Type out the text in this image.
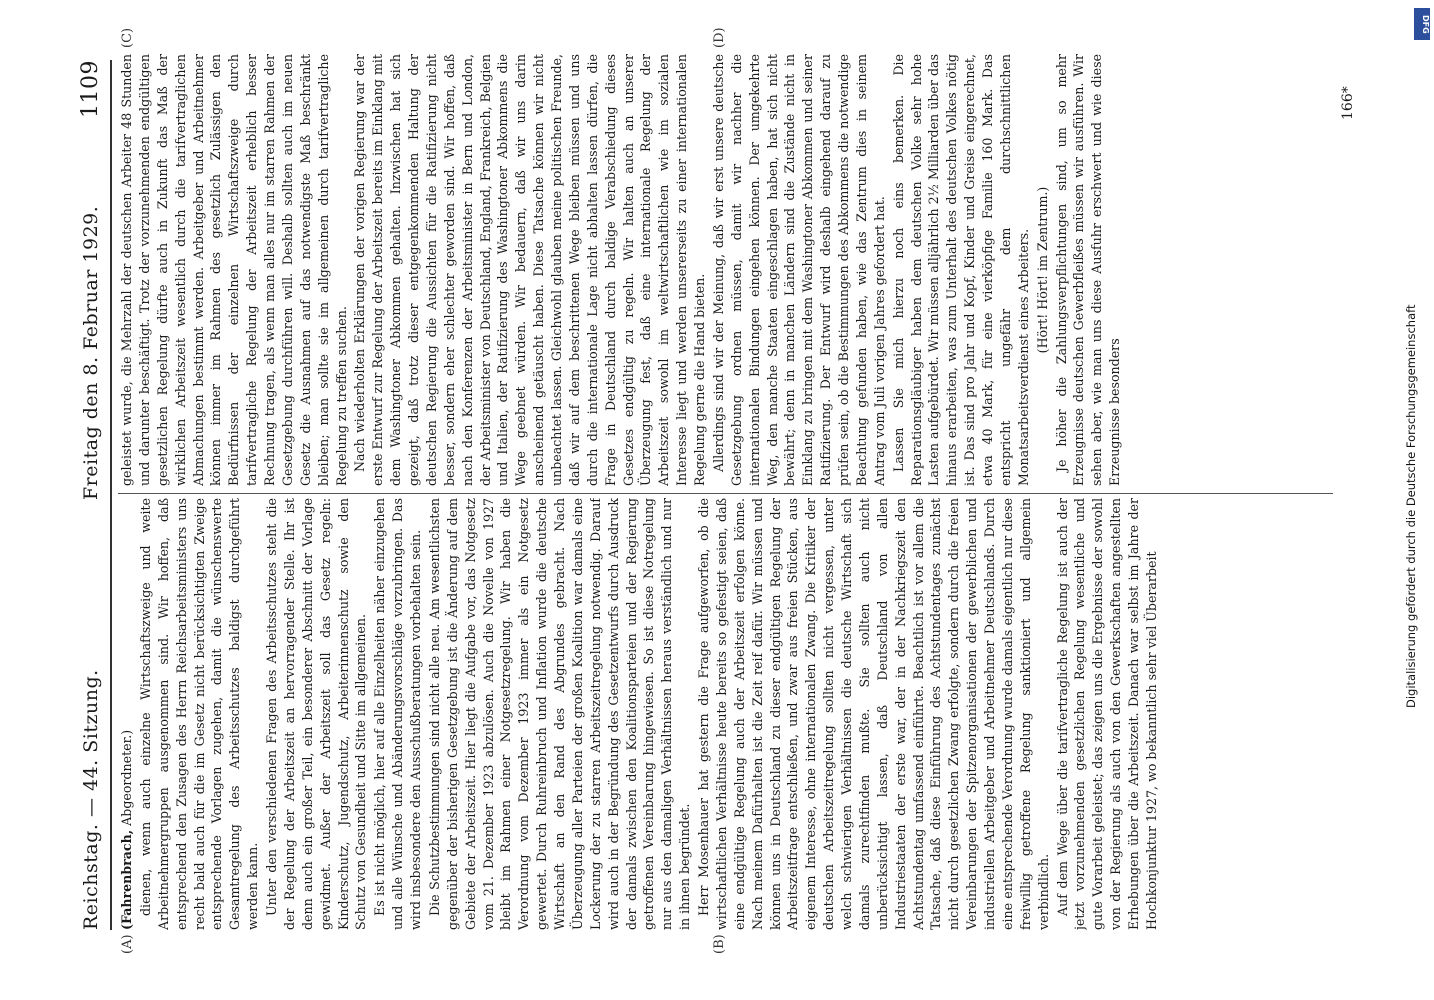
Reichstag. — 44. Sitzung.
Freitag den 8. Februar 1929.
1109
(A)	(B)
(C)	(D)

(Fahrenbrach, Abgeordneter.) dienen, wenn auch einzelne Wirtschaftszweige und weite Arbeitnehmergruppen ausgenommen sind. Wir hoffen, daß entsprechend den Zusagen des Herrn Reichsarbeitsministers uns recht bald auch für die im Gesetz nicht berücksichtigten Zweige entsprechende Vorlagen zugehen, damit die wünschenswerte Gesamtregelung des Arbeitsschutzes baldigst durchgeführt werden kann. Unter den verschiedenen Fragen des Arbeitsschutzes steht die der Regelung der Arbeitszeit an hervorragender Stelle. Ihr ist denn auch ein großer Teil, ein besonderer Abschnitt der Vorlage gewidmet. Außer der Arbeitszeit soll das Gesetz regeln: Kinderschutz, Jugendschutz, Arbeiterinnenschutz sowie den Schutz von Gesundheit und Sitte im allgemeinen. Es ist nicht möglich, hier auf alle Einzelheiten näher einzugehen und alle Wünsche und Abänderungsvorschläge vorzubringen. Das wird insbesondere den Ausschußberatungen vorbehalten sein. Die Schutzbestimmungen sind nicht alle neu. Am wesentlichsten gegenüber der bisherigen Gesetzgebung ist die Änderung auf dem Gebiete der Arbeitszeit. Hier liegt die Aufgabe vor, das Notgesetz vom 21. Dezember 1923 abzulösen. Auch die Novelle von 1927 bleibt im Rahmen einer Notgesetzregelung. Wir haben die Verordnung vom Dezember 1923 immer als ein Notgesetz gewertet. Durch Ruhreinbruch und Inflation wurde die deutsche Wirtschaft an den Rand des Abgrundes gebracht. Nach Überzeugung aller Parteien der großen Koalition war damals eine Lockerung der zu starren Arbeitszeitregelung notwendig. Darauf wird auch in der Begründung des Gesetzentwurfs durch Ausdruck der damals zwischen den Koalitionsparteien und der Regierung getroffenen Vereinbarung hingewiesen. So ist diese Notregelung nur aus den damaligen Verhältnissen heraus verständlich und nur in ihnen begründet. Herr Mosenhauer hat gestern die Frage aufgeworfen, ob die wirtschaftlichen Verhältnisse heute bereits so gefestigt seien, daß eine endgültige Regelung auch der Arbeitszeit erfolgen könne. Nach meinem Dafürhalten ist die Zeit reif dafür. Wir müssen und können uns in Deutschland zu dieser endgültigen Regelung der Arbeitszeitfrage entschließen, und zwar aus freien Stücken, aus eigenem Interesse, ohne internationalen Zwang. Die Kritiker der deutschen Arbeitszeitregelung sollten nicht vergessen, unter welch schwierigen Verhältnissen die deutsche Wirtschaft sich damals zurechtfinden mußte. Sie sollten auch nicht unberücksichtigt lassen, daß Deutschland von allen Industriestaaten der erste war, der in der Nachkriegszeit den Achtstundentag umfassend einführte. Beachtlich ist vor allem die Tatsache, daß diese Einführung des Achtstundentages zunächst nicht durch gesetzlichen Zwang erfolgte, sondern durch die freien Vereinbarungen der Spitzenorganisationen der gewerblichen und industriellen Arbeitgeber und Arbeitnehmer Deutschlands. Durch eine entsprechende Verordnung wurde damals eigentlich nur diese freiwillig getroffene Regelung sanktioniert und allgemein verbindlich. Auf dem Wege über die tarifvertragliche Regelung ist auch der jetzt vorzunehmenden gesetzlichen Regelung wesentliche und gute Vorarbeit geleistet; das zeigen uns die Ergebnisse der sowohl von der Regierung als auch von den Gewerkschaften angestellten Erhebungen über die Arbeitszeit. Danach war selbst im Jahre der Hochkonjunktur 1927, wo bekanntlich sehr viel Überarbeit

geleistet wurde, die Mehrzahl der deutschen Arbeiter 48 Stunden und darunter beschäftigt. Trotz der vorzunehmenden endgültigen gesetzlichen Regelung dürfte auch in Zukunft das Maß der wirklichen Arbeitszeit wesentlich durch die tarifvertraglichen Abmachungen bestimmt werden. Arbeitgeber und Arbeitnehmer können immer im Rahmen des gesetzlich Zulässigen den Bedürfnissen der einzelnen Wirtschaftszweige durch tarifvertragliche Regelung der Arbeitszeit erheblich besser Rechnung tragen, als wenn man alles nur im starren Rahmen der Gesetzgebung durchführen will. Deshalb sollten auch im neuen Gesetz die Ausnahmen auf das notwendigste Maß beschränkt bleiben; man sollte sie im allgemeinen durch tarifvertragliche Regelung zu treffen suchen. Nach wiederholten Erklärungen der vorigen Regierung war der erste Entwurf zur Regelung der Arbeitszeit bereits im Einklang mit dem Washingtoner Abkommen gehalten. Inzwischen hat sich gezeigt, daß trotz dieser entgegenkommenden Haltung der deutschen Regierung die Aussichten für die Ratifizierung nicht besser, sondern eher schlechter geworden sind. Wir hoffen, daß nach den Konferenzen der Arbeitsminister in Bern und London, der Arbeitsminister von Deutschland, England, Frankreich, Belgien und Italien, der Ratifizierung des Washingtoner Abkommens die Wege geebnet würden. Wir bedauern, daß wir uns darin anscheinend getäuscht haben. Diese Tatsache können wir nicht unbeachtet lassen. Gleichwohl glauben meine politischen Freunde, daß wir auf dem beschrittenen Wege bleiben müssen und uns durch die internationale Lage nicht abhalten lassen dürfen, die Frage in Deutschland durch baldige Verabschiedung dieses Gesetzes endgültig zu regeln. Wir halten auch an unserer Überzeugung fest, daß eine internationale Regelung der Arbeitszeit sowohl im weltwirtschaftlichen wie im sozialen Interesse liegt und werden unsererseits zu einer internationalen Regelung gerne die Hand bieten. Allerdings sind wir der Meinung, daß wir erst unsere deutsche Gesetzgebung ordnen müssen, damit wir nachher die internationalen Bindungen eingehen können. Der umgekehrte Weg, den manche Staaten eingeschlagen haben, hat sich nicht bewährt; denn in manchen Ländern sind die Zustände nicht in Einklang zu bringen mit dem Washingtoner Abkommen und seiner Ratifizierung. Der Entwurf wird deshalb eingehend darauf zu prüfen sein, ob die Bestimmungen des Abkommens die notwendige Beachtung gefunden haben, wie das Zentrum dies in seinem Antrag vom Juli vorigen Jahres gefordert hat. Lassen Sie mich hierzu noch eins bemerken. Die Reparationsgläubiger haben dem deutschen Volke sehr hohe Lasten aufgebürdet. Wir müssen alljährlich 2½ Milliarden über das hinaus erarbeiten, was zum Unterhalt des deutschen Volkes nötig ist. Das sind pro Jahr und Kopf, Kinder und Greise eingerechnet, etwa 40 Mark, für eine vierköpfige Familie 160 Mark. Das entspricht ungefähr dem durchschnittlichen Monatsarbeitsverdienst eines Arbeiters. (Hört! Hört! im Zentrum.) Je höher die Zahlungsverpflichtungen sind, um so mehr Erzeugnisse deutschen Gewerbfleißes müssen wir ausführen. Wir sehen aber, wie man uns diese Ausfuhr erschwert und wie diese Erzeugnisse besonders

166*
Digitalisierung gefördert durch die Deutsche Forschungsgemeinschaft
DFG
